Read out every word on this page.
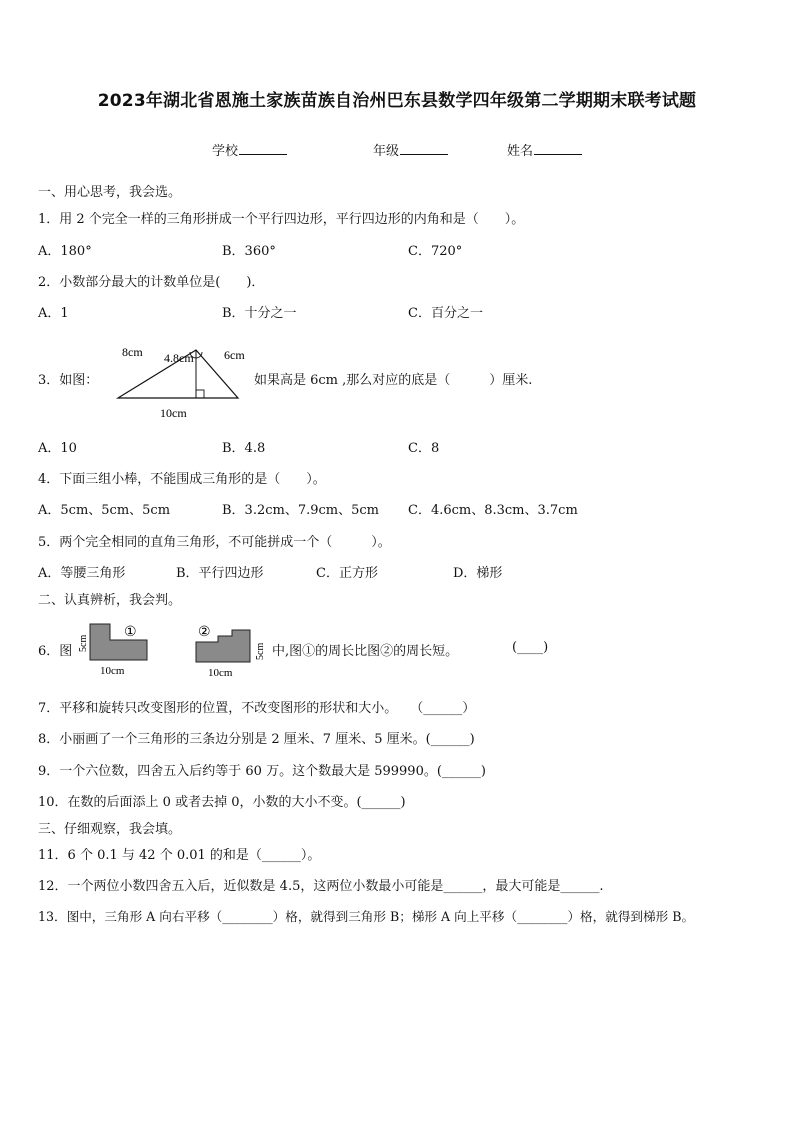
2023年湖北省恩施土家族苗族自治州巴东县数学四年级第二学期期末联考试题
学校	年级	姓名
一、用心思考，我会选。
1．用 2 个完全一样的三角形拼成一个平行四边形，平行四边形的内角和是（　　）。
A．180°	B．360°	C．720°
2．小数部分最大的计数单位是(　　)．
A．1	B．十分之一	C．百分之一
3．如图：
8cm 4.8cm	6cm
10cm
如果高是 6cm ,那么对应的底是（　　　）厘米.
A．10	B．4.8	C．8
4．下面三组小棒，不能围成三角形的是（　　）。
A．5cm、5cm、5cm	B．3.2cm、7.9cm、5cm C．4.6cm、8.3cm、3.7cm
5．两个完全相同的直角三角形，不可能拼成一个（　　　）。
A．等腰三角形	B．平行四边形	C．正方形	D．梯形
二、认真辨析，我会判。
6．图
①
5cm
10cm
②
5cm
10cm
中,图①的周长比图②的周长短。	(____)
7．平移和旋转只改变图形的位置，不改变图形的形状和大小。　　（______）
8．小丽画了一个三角形的三条边分别是 2 厘米、7 厘米、5 厘米。(______)
9．一个六位数，四舍五入后约等于 60 万。这个数最大是 599990。(______)
10．在数的后面添上 0 或者去掉 0，小数的大小不变。(______)
三、仔细观察，我会填。
11．6 个 0.1 与 42 个 0.01 的和是（______）。
12．一个两位小数四舍五入后，近似数是 4.5，这两位小数最小可能是______，最大可能是______.
13．图中，三角形 A 向右平移（________）格，就得到三角形 B；梯形 A 向上平移（________）格，就得到梯形 B。
